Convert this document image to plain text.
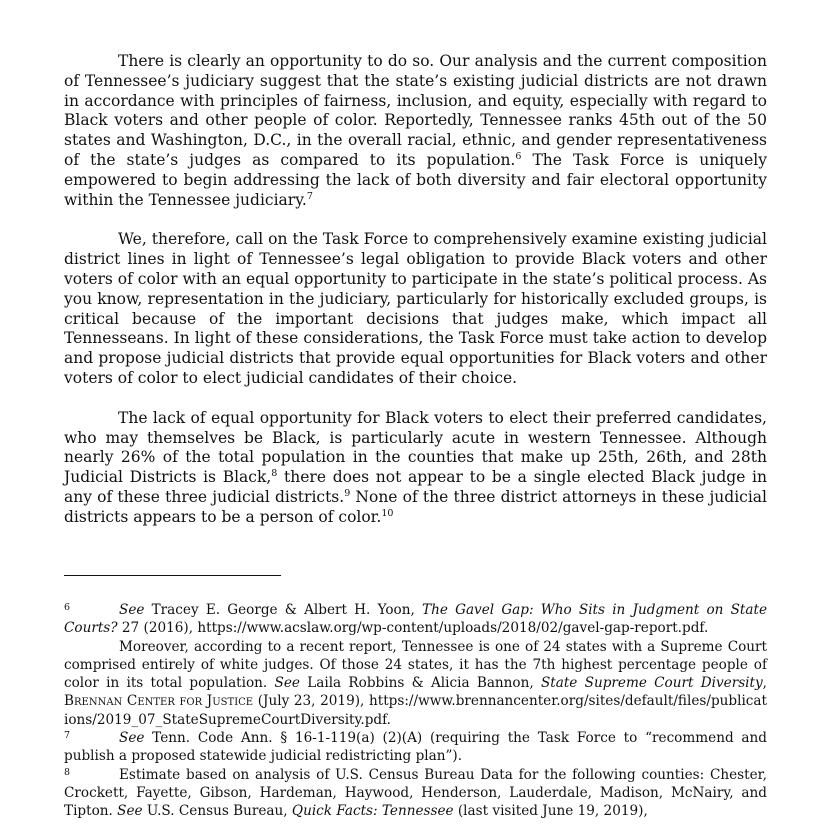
There is clearly an opportunity to do so. Our analysis and the current composition of Tennessee’s judiciary suggest that the state’s existing judicial districts are not drawn in accordance with principles of fairness, inclusion, and equity, especially with regard to Black voters and other people of color. Reportedly, Tennessee ranks 45th out of the 50 states and Washington, D.C., in the overall racial, ethnic, and gender representativeness of the state’s judges as compared to its population.$^6$ The Task Force is uniquely empowered to begin addressing the lack of both diversity and fair electoral opportunity within the Tennessee judiciary.$^7$

We, therefore, call on the Task Force to comprehensively examine existing judicial district lines in light of Tennessee’s legal obligation to provide Black voters and other voters of color with an equal opportunity to participate in the state’s political process. As you know, representation in the judiciary, particularly for historically excluded groups, is critical because of the important decisions that judges make, which impact all Tennesseans. In light of these considerations, the Task Force must take action to develop and propose judicial districts that provide equal opportunities for Black voters and other voters of color to elect judicial candidates of their choice.

The lack of equal opportunity for Black voters to elect their preferred candidates, who may themselves be Black, is particularly acute in western Tennessee. Although nearly 26% of the total population in the counties that make up 25th, 26th, and 28th Judicial Districts is Black,$^8$ there does not appear to be a single elected Black judge in any of these three judicial districts.$^9$ None of the three district attorneys in these judicial districts appears to be a person of color.$^{10}$

6	See Tracey E. George & Albert H. Yoon, The Gavel Gap: Who Sits in Judgment on State Courts? 27 (2016), https://www.acslaw.org/wp-content/uploads/2018/02/gavel-gap-report.pdf.

Moreover, according to a recent report, Tennessee is one of 24 states with a Supreme Court comprised entirely of white judges. Of those 24 states, it has the 7th highest percentage people of color in its total population. See Laila Robbins & Alicia Bannon, State Supreme Court Diversity, Brennan Center for Justice (July 23, 2019), https://www.brennancenter.org/sites/default/files/publications/2019_07_StateSupremeCourtDiversity.pdf.

7	See Tenn. Code Ann. § 16-1-119(a) (2)(A) (requiring the Task Force to “recommend and publish a proposed statewide judicial redistricting plan”).

8	Estimate based on analysis of U.S. Census Bureau Data for the following counties: Chester, Crockett, Fayette, Gibson, Hardeman, Haywood, Henderson, Lauderdale, Madison, McNairy, and Tipton. See U.S. Census Bureau, Quick Facts: Tennessee (last visited June 19, 2019),
